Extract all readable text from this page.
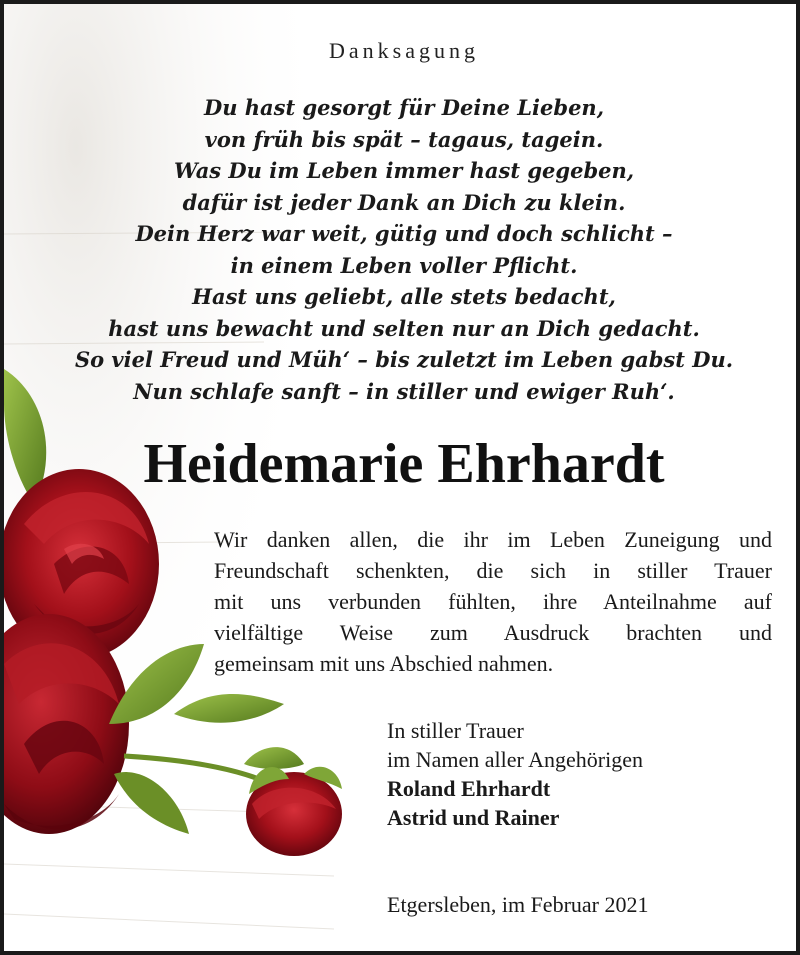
Danksagung
Du hast gesorgt für Deine Lieben,
von früh bis spät – tagaus, tagein.
Was Du im Leben immer hast gegeben,
dafür ist jeder Dank an Dich zu klein.
Dein Herz war weit, gütig und doch schlicht –
in einem Leben voller Pflicht.
Hast uns geliebt, alle stets bedacht,
hast uns bewacht und selten nur an Dich gedacht.
So viel Freud und Müh‘ – bis zuletzt im Leben gabst Du.
Nun schlafe sanft – in stiller und ewiger Ruh‘.
Heidemarie Ehrhardt
Wir danken allen, die ihr im Leben Zuneigung und
Freundschaft schenkten, die sich in stiller Trauer
mit uns verbunden fühlten, ihre Anteilnahme auf
vielfältige Weise zum Ausdruck brachten und
gemeinsam mit uns Abschied nahmen.
In stiller Trauer
im Namen aller Angehörigen
Roland Ehrhardt
Astrid und Rainer
Etgersleben, im Februar 2021
